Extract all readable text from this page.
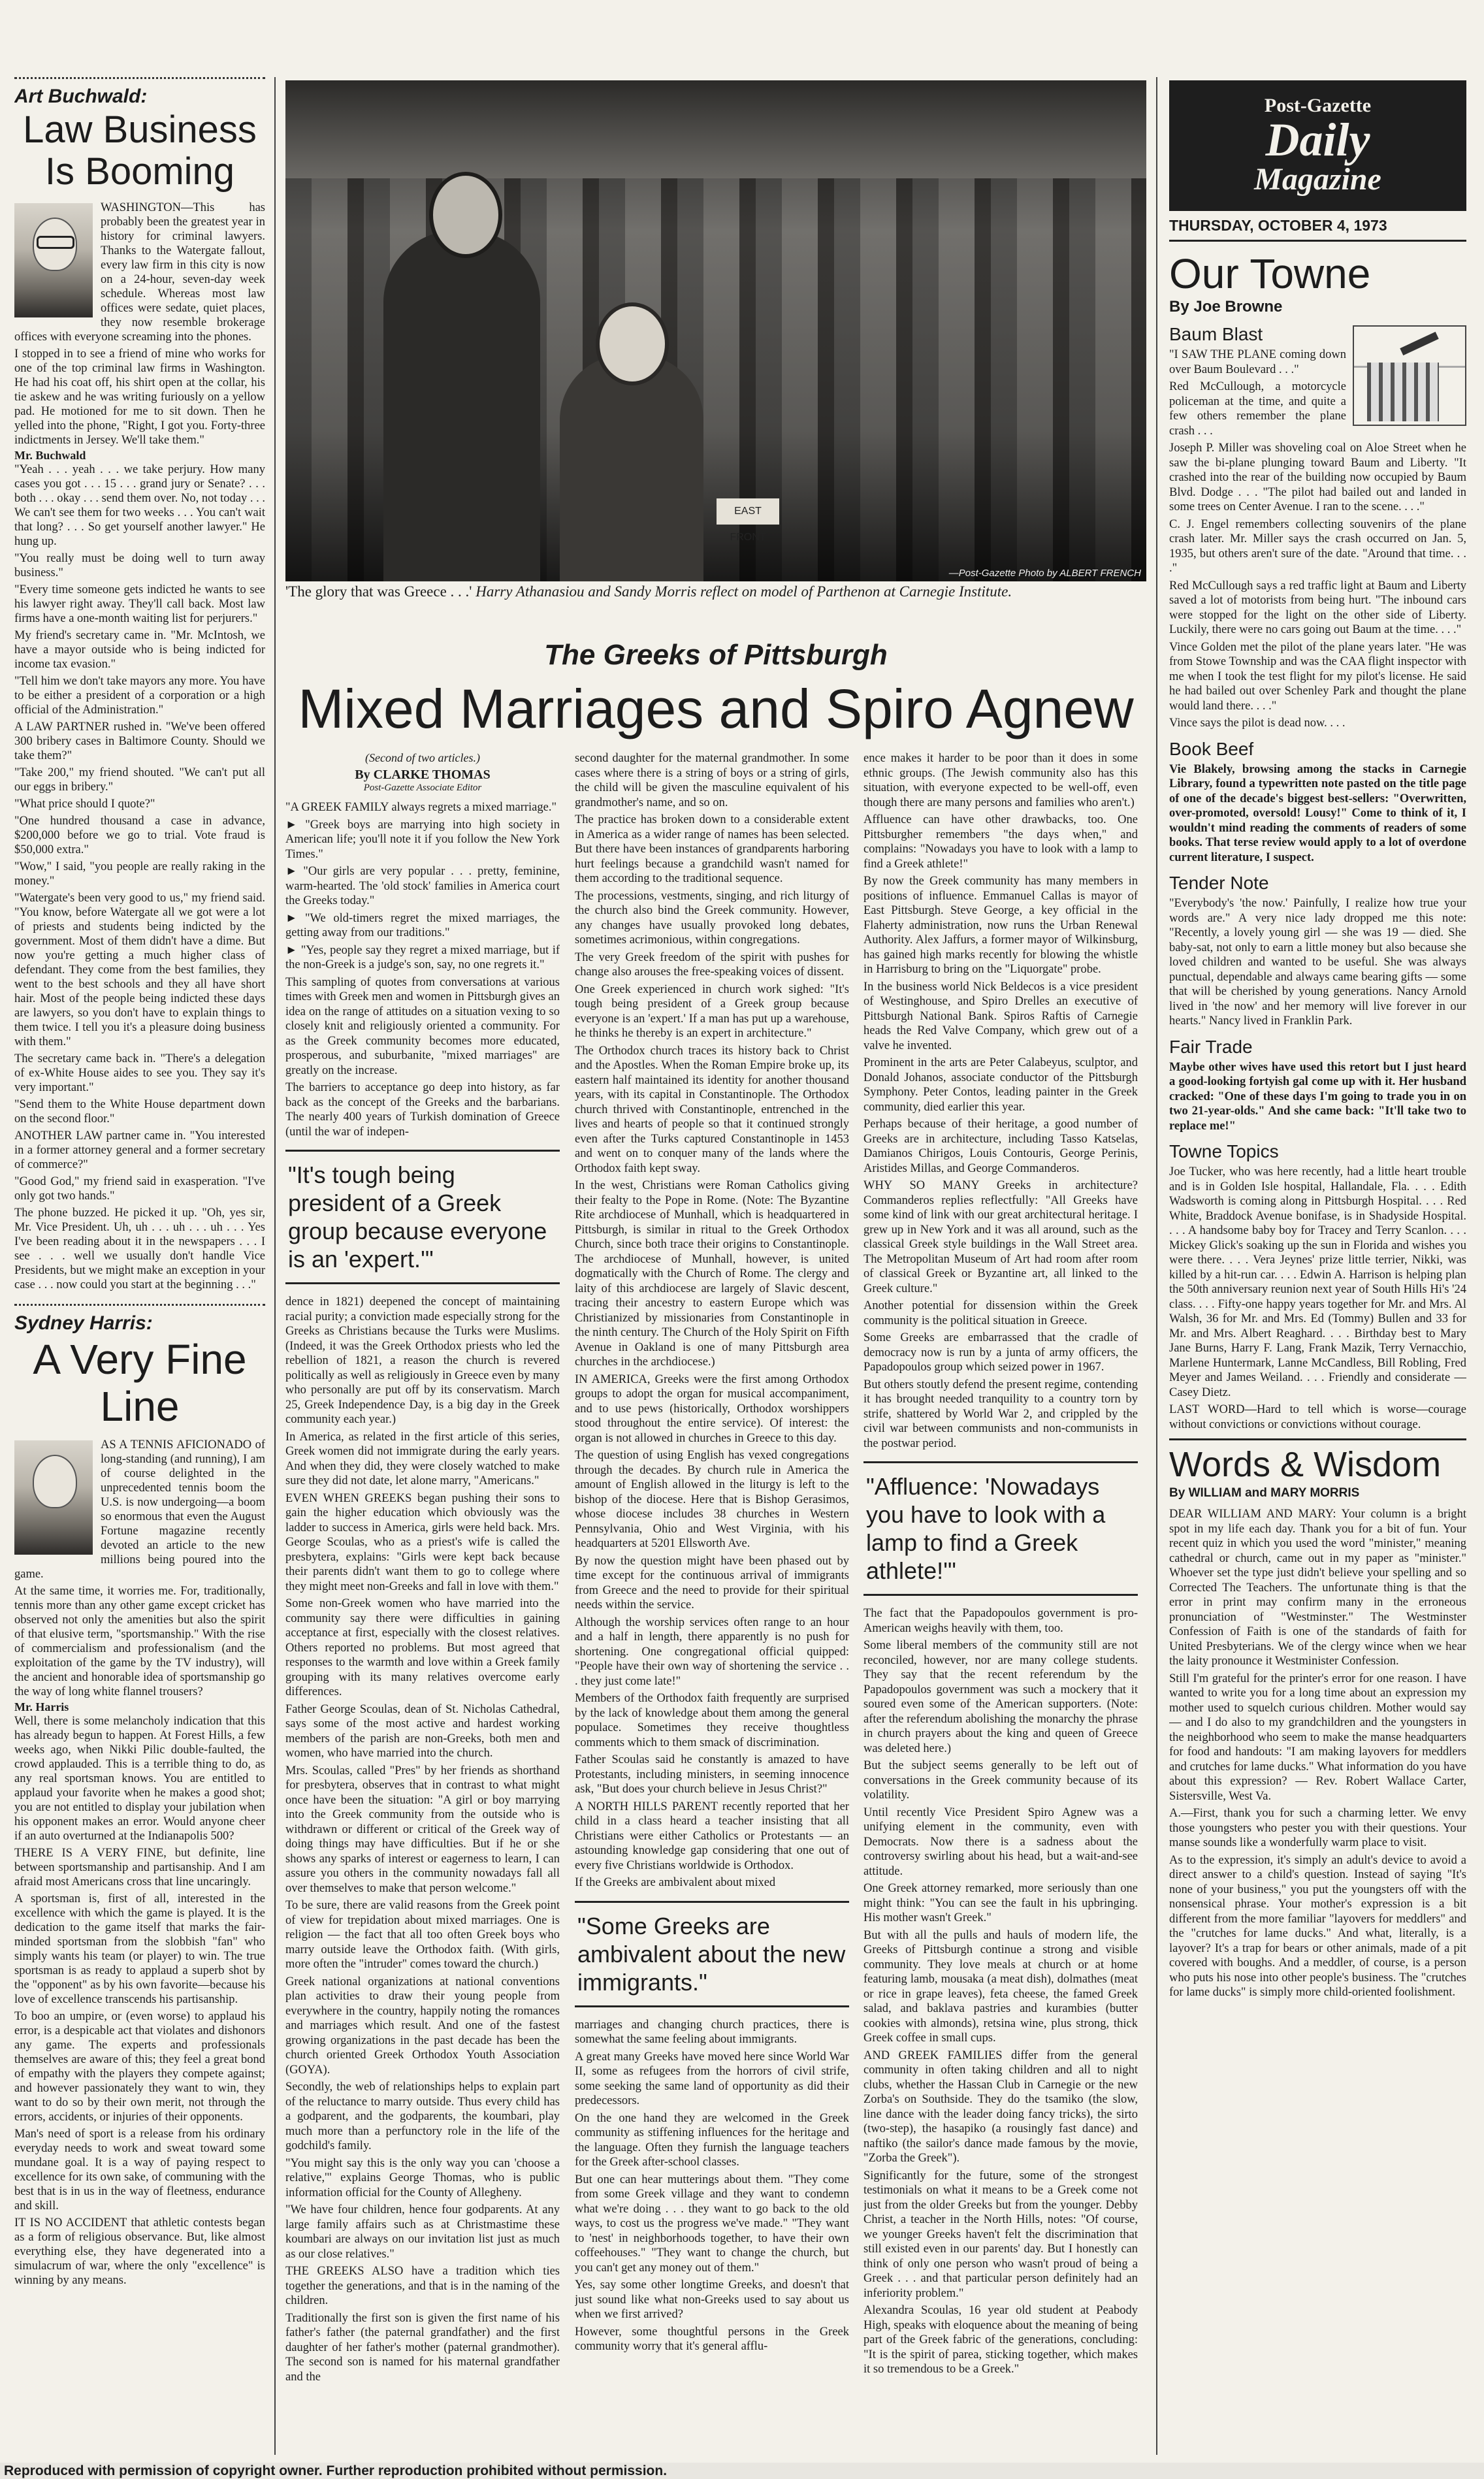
Art Buchwald:
Law Business Is Booming

WASHINGTON—This has probably been the greatest year in history for criminal lawyers. Thanks to the Watergate fallout, every law firm in this city is now on a 24-hour, seven-day week schedule. Whereas most law offices were sedate, quiet places, they now resemble brokerage offices with everyone screaming into the phones.

I stopped in to see a friend of mine who works for one of the top criminal law firms in Washington. He had his coat off, his shirt open at the collar, his tie askew and he was writing furiously on a yellow pad. He motioned for me to sit down. Then he yelled into the phone, "Right, I got you. Forty-three indictments in Jersey. We'll take them."

Mr. Buchwald

"Yeah . . . yeah . . . we take perjury. How many cases you got . . . 15 . . . grand jury or Senate? . . . both . . . okay . . . send them over. No, not today . . . We can't see them for two weeks . . . You can't wait that long? . . . So get yourself another lawyer." He hung up.

"You really must be doing well to turn away business."

"Every time someone gets indicted he wants to see his lawyer right away. They'll call back. Most law firms have a one-month waiting list for perjurers."

My friend's secretary came in. "Mr. McIntosh, we have a mayor outside who is being indicted for income tax evasion."

"Tell him we don't take mayors any more. You have to be either a president of a corporation or a high official of the Administration."

A LAW PARTNER rushed in. "We've been offered 300 bribery cases in Baltimore County. Should we take them?"

"Take 200," my friend shouted. "We can't put all our eggs in bribery."

"What price should I quote?"

"One hundred thousand a case in advance, $200,000 before we go to trial. Vote fraud is $50,000 extra."

"Wow," I said, "you people are really raking in the money."

"Watergate's been very good to us," my friend said. "You know, before Watergate all we got were a lot of priests and students being indicted by the government. Most of them didn't have a dime. But now you're getting a much higher class of defendant. They come from the best families, they went to the best schools and they all have short hair. Most of the people being indicted these days are lawyers, so you don't have to explain things to them twice. I tell you it's a pleasure doing business with them."

The secretary came back in. "There's a delegation of ex-White House aides to see you. They say it's very important."

"Send them to the White House department down on the second floor."

ANOTHER LAW partner came in. "You interested in a former attorney general and a former secretary of commerce?"

"Good God," my friend said in exasperation. "I've only got two hands."

The phone buzzed. He picked it up. "Oh, yes sir, Mr. Vice President. Uh, uh . . . uh . . . uh . . . Yes I've been reading about it in the newspapers . . . I see . . . well we usually don't handle Vice Presidents, but we might make an exception in your case . . . now could you start at the beginning . . ."

Sydney Harris:
A Very Fine Line

AS A TENNIS AFICIONADO of long-standing (and running), I am of course delighted in the unprecedented tennis boom the U.S. is now undergoing—a boom so enormous that even the August Fortune magazine recently devoted an article to the new millions being poured into the game.

At the same time, it worries me. For, traditionally, tennis more than any other game except cricket has observed not only the amenities but also the spirit of that elusive term, "sportsmanship." With the rise of commercialism and professionalism (and the exploitation of the game by the TV industry), will the ancient and honorable idea of sportsmanship go the way of long white flannel trousers?

Mr. Harris

Well, there is some melancholy indication that this has already begun to happen. At Forest Hills, a few weeks ago, when Nikki Pilic double-faulted, the crowd applauded. This is a terrible thing to do, as any real sportsman knows. You are entitled to applaud your favorite when he makes a good shot; you are not entitled to display your jubilation when his opponent makes an error. Would anyone cheer if an auto overturned at the Indianapolis 500?

THERE IS A VERY FINE, but definite, line between sportsmanship and partisanship. And I am afraid most Americans cross that line uncaringly.

A sportsman is, first of all, interested in the excellence with which the game is played. It is the dedication to the game itself that marks the fair-minded sportsman from the slobbish "fan" who simply wants his team (or player) to win. The true sportsman is as ready to applaud a superb shot by the "opponent" as by his own favorite—because his love of excellence transcends his partisanship.

To boo an umpire, or (even worse) to applaud his error, is a despicable act that violates and dishonors any game. The experts and professionals themselves are aware of this; they feel a great bond of empathy with the players they compete against; and however passionately they want to win, they want to do so by their own merit, not through the errors, accidents, or injuries of their opponents.

Man's need of sport is a release from his ordinary everyday needs to work and sweat toward some mundane goal. It is a way of paying respect to excellence for its own sake, of communing with the best that is in us in the way of fleetness, endurance and skill.

IT IS NO ACCIDENT that athletic contests began as a form of religious observance. But, like almost everything else, they have degenerated into a simulacrum of war, where the only "excellence" is winning by any means.

EAST FRONT
—Post-Gazette Photo by ALBERT FRENCH
'The glory that was Greece . . .' Harry Athanasiou and Sandy Morris reflect on model of Parthenon at Carnegie Institute.
The Greeks of Pittsburgh
Mixed Marriages and Spiro Agnew

(Second of two articles.)

By CLARKE THOMAS

Post-Gazette Associate Editor

"A GREEK FAMILY always regrets a mixed marriage."

► "Greek boys are marrying into high society in American life; you'll note it if you follow the New York Times."

► "Our girls are very popular . . . pretty, feminine, warm-hearted. The 'old stock' families in America court the Greeks today."

► "We old-timers regret the mixed marriages, the getting away from our traditions."

► "Yes, people say they regret a mixed marriage, but if the non-Greek is a judge's son, say, no one regrets it."

This sampling of quotes from conversations at various times with Greek men and women in Pittsburgh gives an idea on the range of attitudes on a situation vexing to so closely knit and religiously oriented a community. For as the Greek community becomes more educated, prosperous, and suburbanite, "mixed marriages" are greatly on the increase.

The barriers to acceptance go deep into history, as far back as the concept of the Greeks and the barbarians. The nearly 400 years of Turkish domination of Greece (until the war of indepen-

"It's tough being president of a Greek group because everyone is an 'expert.'"

dence in 1821) deepened the concept of maintaining racial purity; a conviction made especially strong for the Greeks as Christians because the Turks were Muslims. (Indeed, it was the Greek Orthodox priests who led the rebellion of 1821, a reason the church is revered politically as well as religiously in Greece even by many who personally are put off by its conservatism. March 25, Greek Independence Day, is a big day in the Greek community each year.)

In America, as related in the first article of this series, Greek women did not immigrate during the early years. And when they did, they were closely watched to make sure they did not date, let alone marry, "Americans."

EVEN WHEN GREEKS began pushing their sons to gain the higher education which obviously was the ladder to success in America, girls were held back. Mrs. George Scoulas, who as a priest's wife is called the presbytera, explains: "Girls were kept back because their parents didn't want them to go to college where they might meet non-Greeks and fall in love with them."

Some non-Greek women who have married into the community say there were difficulties in gaining acceptance at first, especially with the closest relatives. Others reported no problems. But most agreed that responses to the warmth and love within a Greek family grouping with its many relatives overcome early differences.

Father George Scoulas, dean of St. Nicholas Cathedral, says some of the most active and hardest working members of the parish are non-Greeks, both men and women, who have married into the church.

Mrs. Scoulas, called "Pres" by her friends as shorthand for presbytera, observes that in contrast to what might once have been the situation: "A girl or boy marrying into the Greek community from the outside who is withdrawn or different or critical of the Greek way of doing things may have difficulties. But if he or she shows any sparks of interest or eagerness to learn, I can assure you others in the community nowadays fall all over themselves to make that person welcome."

To be sure, there are valid reasons from the Greek point of view for trepidation about mixed marriages. One is religion — the fact that all too often Greek boys who marry outside leave the Orthodox faith. (With girls, more often the "intruder" comes toward the church.)

Greek national organizations at national conventions plan activities to draw their young people from everywhere in the country, happily noting the romances and marriages which result. And one of the fastest growing organizations in the past decade has been the church oriented Greek Orthodox Youth Association (GOYA).

Secondly, the web of relationships helps to explain part of the reluctance to marry outside. Thus every child has a godparent, and the godparents, the koumbari, play much more than a perfunctory role in the life of the godchild's family.

"You might say this is the only way you can 'choose a relative,'" explains George Thomas, who is public information official for the County of Allegheny.

"We have four children, hence four godparents. At any large family affairs such as at Christmastime these koumbari are always on our invitation list just as much as our close relatives."

THE GREEKS ALSO have a tradition which ties together the generations, and that is in the naming of the children.

Traditionally the first son is given the first name of his father's father (the paternal grandfather) and the first daughter of her father's mother (paternal grandmother). The second son is named for his maternal grandfather and the

second daughter for the maternal grandmother. In some cases where there is a string of boys or a string of girls, the child will be given the masculine equivalent of his grandmother's name, and so on.

The practice has broken down to a considerable extent in America as a wider range of names has been selected. But there have been instances of grandparents harboring hurt feelings because a grandchild wasn't named for them according to the traditional sequence.

The processions, vestments, singing, and rich liturgy of the church also bind the Greek community. However, any changes have usually provoked long debates, sometimes acrimonious, within congregations.

The very Greek freedom of the spirit with pushes for change also arouses the free-speaking voices of dissent.

One Greek experienced in church work sighed: "It's tough being president of a Greek group because everyone is an 'expert.' If a man has put up a warehouse, he thinks he thereby is an expert in architecture."

The Orthodox church traces its history back to Christ and the Apostles. When the Roman Empire broke up, its eastern half maintained its identity for another thousand years, with its capital in Constantinople. The Orthodox church thrived with Constantinople, entrenched in the lives and hearts of people so that it continued strongly even after the Turks captured Constantinople in 1453 and went on to conquer many of the lands where the Orthodox faith kept sway.

In the west, Christians were Roman Catholics giving their fealty to the Pope in Rome. (Note: The Byzantine Rite archdiocese of Munhall, which is headquartered in Pittsburgh, is similar in ritual to the Greek Orthodox Church, since both trace their origins to Constantinople. The archdiocese of Munhall, however, is united dogmatically with the Church of Rome. The clergy and laity of this archdiocese are largely of Slavic descent, tracing their ancestry to eastern Europe which was Christianized by missionaries from Constantinople in the ninth century. The Church of the Holy Spirit on Fifth Avenue in Oakland is one of many Pittsburgh area churches in the archdiocese.)

IN AMERICA, Greeks were the first among Orthodox groups to adopt the organ for musical accompaniment, and to use pews (historically, Orthodox worshippers stood throughout the entire service). Of interest: the organ is not allowed in churches in Greece to this day.

The question of using English has vexed congregations through the decades. By church rule in America the amount of English allowed in the liturgy is left to the bishop of the diocese. Here that is Bishop Gerasimos, whose diocese includes 38 churches in Western Pennsylvania, Ohio and West Virginia, with his headquarters at 5201 Ellsworth Ave.

By now the question might have been phased out by time except for the continuous arrival of immigrants from Greece and the need to provide for their spiritual needs within the service.

Although the worship services often range to an hour and a half in length, there apparently is no push for shortening. One congregational official quipped: "People have their own way of shortening the service . . . they just come late!"

Members of the Orthodox faith frequently are surprised by the lack of knowledge about them among the general populace. Sometimes they receive thoughtless comments which to them smack of discrimination.

Father Scoulas said he constantly is amazed to have Protestants, including ministers, in seeming innocence ask, "But does your church believe in Jesus Christ?"

A NORTH HILLS PARENT recently reported that her child in a class heard a teacher insisting that all Christians were either Catholics or Protestants — an astounding knowledge gap considering that one out of every five Christians worldwide is Orthodox.

If the Greeks are ambivalent about mixed

"Some Greeks are ambivalent about the new immigrants."

marriages and changing church practices, there is somewhat the same feeling about immigrants.

A great many Greeks have moved here since World War II, some as refugees from the horrors of civil strife, some seeking the same land of opportunity as did their predecessors.

On the one hand they are welcomed in the Greek community as stiffening influences for the heritage and the language. Often they furnish the language teachers for the Greek after-school classes.

But one can hear mutterings about them. "They come from some Greek village and they want to condemn what we're doing . . . they want to go back to the old ways, to cost us the progress we've made." "They want to 'nest' in neighborhoods together, to have their own coffeehouses." "They want to change the church, but you can't get any money out of them."

Yes, say some other longtime Greeks, and doesn't that just sound like what non-Greeks used to say about us when we first arrived?

However, some thoughtful persons in the Greek community worry that it's general afflu-

ence makes it harder to be poor than it does in some ethnic groups. (The Jewish community also has this situation, with everyone expected to be well-off, even though there are many persons and families who aren't.)

Affluence can have other drawbacks, too. One Pittsburgher remembers "the days when," and complains: "Nowadays you have to look with a lamp to find a Greek athlete!"

By now the Greek community has many members in positions of influence. Emmanuel Callas is mayor of East Pittsburgh. Steve George, a key official in the Flaherty administration, now runs the Urban Renewal Authority. Alex Jaffurs, a former mayor of Wilkinsburg, has gained high marks recently for blowing the whistle in Harrisburg to bring on the "Liquorgate" probe.

In the business world Nick Beldecos is a vice president of Westinghouse, and Spiro Drelles an executive of Pittsburgh National Bank. Spiros Raftis of Carnegie heads the Red Valve Company, which grew out of a valve he invented.

Prominent in the arts are Peter Calabeyus, sculptor, and Donald Johanos, associate conductor of the Pittsburgh Symphony. Peter Contos, leading painter in the Greek community, died earlier this year.

Perhaps because of their heritage, a good number of Greeks are in architecture, including Tasso Katselas, Damianos Chirigos, Louis Contouris, George Perinis, Aristides Millas, and George Commanderos.

WHY SO MANY Greeks in architecture? Commanderos replies reflectfully: "All Greeks have some kind of link with our great architectural heritage. I grew up in New York and it was all around, such as the classical Greek style buildings in the Wall Street area. The Metropolitan Museum of Art had room after room of classical Greek or Byzantine art, all linked to the Greek culture."

Another potential for dissension within the Greek community is the political situation in Greece.

Some Greeks are embarrassed that the cradle of democracy now is run by a junta of army officers, the Papadopoulos group which seized power in 1967.

But others stoutly defend the present regime, contending it has brought needed tranquility to a country torn by strife, shattered by World War 2, and crippled by the civil war between communists and non-communists in the postwar period.

"Affluence: 'Nowadays you have to look with a lamp to find a Greek athlete!'"

The fact that the Papadopoulos government is pro-American weighs heavily with them, too.

Some liberal members of the community still are not reconciled, however, nor are many college students. They say that the recent referendum by the Papadopoulos government was such a mockery that it soured even some of the American supporters. (Note: after the referendum abolishing the monarchy the phrase in church prayers about the king and queen of Greece was deleted here.)

But the subject seems generally to be left out of conversations in the Greek community because of its volatility.

Until recently Vice President Spiro Agnew was a unifying element in the community, even with Democrats. Now there is a sadness about the controversy swirling about his head, but a wait-and-see attitude.

One Greek attorney remarked, more seriously than one might think: "You can see the fault in his upbringing. His mother wasn't Greek."

But with all the pulls and hauls of modern life, the Greeks of Pittsburgh continue a strong and visible community. They love meals at church or at home featuring lamb, mousaka (a meat dish), dolmathes (meat or rice in grape leaves), feta cheese, the famed Greek salad, and baklava pastries and kurambies (butter cookies with almonds), retsina wine, plus strong, thick Greek coffee in small cups.

AND GREEK FAMILIES differ from the general community in often taking children and all to night clubs, whether the Hassan Club in Carnegie or the new Zorba's on Southside. They do the tsamiko (the slow, line dance with the leader doing fancy tricks), the sirto (two-step), the hasapiko (a rousingly fast dance) and naftiko (the sailor's dance made famous by the movie, "Zorba the Greek").

Significantly for the future, some of the strongest testimonials on what it means to be a Greek come not just from the older Greeks but from the younger. Debby Christ, a teacher in the North Hills, notes: "Of course, we younger Greeks haven't felt the discrimination that still existed even in our parents' day. But I honestly can think of only one person who wasn't proud of being a Greek . . . and that particular person definitely had an inferiority problem."

Alexandra Scoulas, 16 year old student at Peabody High, speaks with eloquence about the meaning of being part of the Greek fabric of the generations, concluding: "It is the spirit of parea, sticking together, which makes it so tremendous to be a Greek."

Post-Gazette
Daily
Magazine
THURSDAY, OCTOBER 4, 1973
Our Towne
By Joe Browne
Baum Blast

"I SAW THE PLANE coming down over Baum Boulevard . . ."

Red McCullough, a motorcycle policeman at the time, and quite a few others remember the plane crash . . .

Joseph P. Miller was shoveling coal on Aloe Street when he saw the bi-plane plunging toward Baum and Liberty. "It crashed into the rear of the building now occupied by Baum Blvd. Dodge . . . "The pilot had bailed out and landed in some trees on Center Avenue. I ran to the scene. . . ."

C. J. Engel remembers collecting souvenirs of the plane crash later. Mr. Miller says the crash occurred on Jan. 5, 1935, but others aren't sure of the date. "Around that time. . . ."

Red McCullough says a red traffic light at Baum and Liberty saved a lot of motorists from being hurt. "The inbound cars were stopped for the light on the other side of Liberty. Luckily, there were no cars going out Baum at the time. . . ."

Vince Golden met the pilot of the plane years later. "He was from Stowe Township and was the CAA flight inspector with me when I took the test flight for my pilot's license. He said he had bailed out over Schenley Park and thought the plane would land there. . . ."

Vince says the pilot is dead now. . . .

Book Beef

Vie Blakely, browsing among the stacks in Carnegie Library, found a typewritten note pasted on the title page of one of the decade's biggest best-sellers: "Overwritten, over-promoted, oversold! Lousy!" Come to think of it, I wouldn't mind reading the comments of readers of some books. That terse review would apply to a lot of overdone current literature, I suspect.

Tender Note

"Everybody's 'the now.' Painfully, I realize how true your words are." A very nice lady dropped me this note: "Recently, a lovely young girl — she was 19 — died. She baby-sat, not only to earn a little money but also because she loved children and wanted to be useful. She was always punctual, dependable and always came bearing gifts — some that will be cherished by young generations. Nancy Arnold lived in 'the now' and her memory will live forever in our hearts." Nancy lived in Franklin Park.

Fair Trade

Maybe other wives have used this retort but I just heard a good-looking fortyish gal come up with it. Her husband cracked: "One of these days I'm going to trade you in on two 21-year-olds." And she came back: "It'll take two to replace me!"

Towne Topics

Joe Tucker, who was here recently, had a little heart trouble and is in Golden Isle hospital, Hallandale, Fla. . . . Edith Wadsworth is coming along in Pittsburgh Hospital. . . . Red White, Braddock Avenue bonifase, is in Shadyside Hospital. . . . A handsome baby boy for Tracey and Terry Scanlon. . . . Mickey Glick's soaking up the sun in Florida and wishes you were there. . . . Vera Jeynes' prize little terrier, Nikki, was killed by a hit-run car. . . . Edwin A. Harrison is helping plan the 50th anniversary reunion next year of South Hills Hi's '24 class. . . . Fifty-one happy years together for Mr. and Mrs. Al Walsh, 36 for Mr. and Mrs. Ed (Tommy) Bullen and 33 for Mr. and Mrs. Albert Reaghard. . . . Birthday best to Mary Jane Burns, Harry F. Lang, Frank Mazik, Terry Vernacchio, Marlene Huntermark, Lanne McCandless, Bill Robling, Fred Meyer and James Weiland. . . . Friendly and considerate — Casey Dietz.

LAST WORD—Hard to tell which is worse—courage without convictions or convictions without courage.

Words & Wisdom
By WILLIAM and MARY MORRIS

DEAR WILLIAM AND MARY: Your column is a bright spot in my life each day. Thank you for a bit of fun. Your recent quiz in which you used the word "minister," meaning cathedral or church, came out in my paper as "minister." Whoever set the type just didn't believe your spelling and so Corrected The Teachers. The unfortunate thing is that the error in print may confirm many in the erroneous pronunciation of "Westminster." The Westminster Confession of Faith is one of the standards of faith for United Presbyterians. We of the clergy wince when we hear the laity pronounce it Westminister Confession.

Still I'm grateful for the printer's error for one reason. I have wanted to write you for a long time about an expression my mother used to squelch curious children. Mother would say — and I do also to my grandchildren and the youngsters in the neighborhood who seem to make the manse headquarters for food and handouts: "I am making layovers for meddlers and crutches for lame ducks." What information do you have about this expression? — Rev. Robert Wallace Carter, Sistersville, West Va.

A.—First, thank you for such a charming letter. We envy those youngsters who pester you with their questions. Your manse sounds like a wonderfully warm place to visit.

As to the expression, it's simply an adult's device to avoid a direct answer to a child's question. Instead of saying "It's none of your business," you put the youngsters off with the nonsensical phrase. Your mother's expression is a bit different from the more familiar "layovers for meddlers" and the "crutches for lame ducks." And what, literally, is a layover? It's a trap for bears or other animals, made of a pit covered with boughs. And a meddler, of course, is a person who puts his nose into other people's business. The "crutches for lame ducks" is simply more child-oriented foolishment.

Reproduced with permission of copyright owner. Further reproduction prohibited without permission.
